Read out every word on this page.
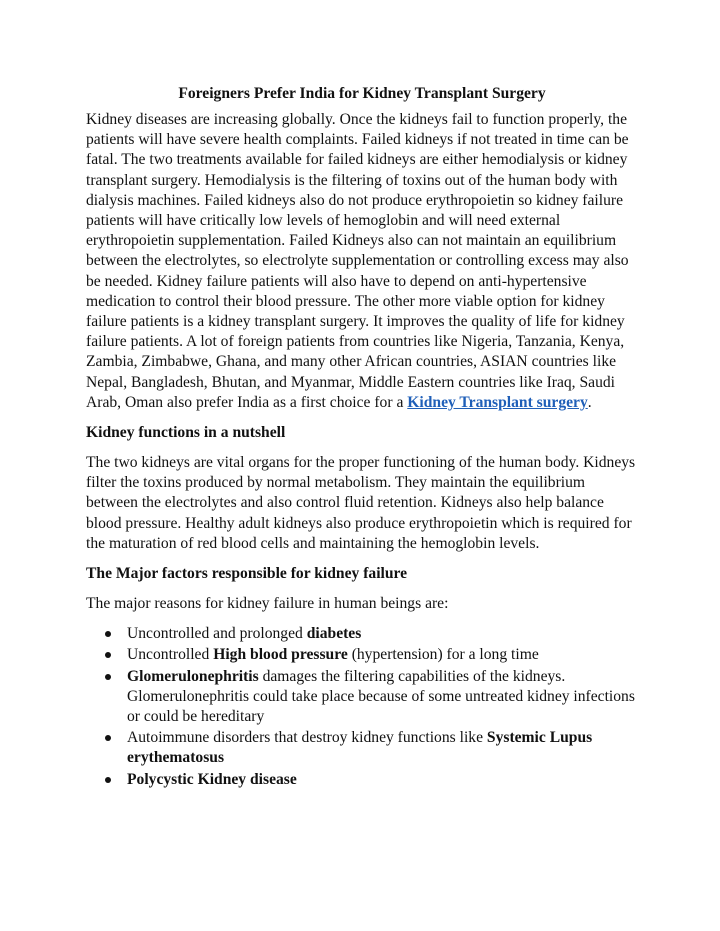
Foreigners Prefer India for Kidney Transplant Surgery

Kidney diseases are increasing globally. Once the kidneys fail to function properly, the patients will have severe health complaints. Failed kidneys if not treated in time can be fatal. The two treatments available for failed kidneys are either hemodialysis or kidney transplant surgery. Hemodialysis is the filtering of toxins out of the human body with dialysis machines. Failed kidneys also do not produce erythropoietin so kidney failure patients will have critically low levels of hemoglobin and will need external erythropoietin supplementation. Failed Kidneys also can not maintain an equilibrium between the electrolytes, so electrolyte supplementation or controlling excess may also be needed. Kidney failure patients will also have to depend on anti-hypertensive medication to control their blood pressure. The other more viable option for kidney failure patients is a kidney transplant surgery. It improves the quality of life for kidney failure patients. A lot of foreign patients from countries like Nigeria, Tanzania, Kenya, Zambia, Zimbabwe, Ghana, and many other African countries, ASIAN countries like Nepal, Bangladesh, Bhutan, and Myanmar, Middle Eastern countries like Iraq, Saudi Arab, Oman also prefer India as a first choice for a Kidney Transplant surgery.

Kidney functions in a nutshell

The two kidneys are vital organs for the proper functioning of the human body. Kidneys filter the toxins produced by normal metabolism. They maintain the equilibrium between the electrolytes and also control fluid retention. Kidneys also help balance blood pressure. Healthy adult kidneys also produce erythropoietin which is required for the maturation of red blood cells and maintaining the hemoglobin levels.

The Major factors responsible for kidney failure

The major reasons for kidney failure in human beings are:

Uncontrolled and prolonged diabetes
Uncontrolled High blood pressure (hypertension) for a long time
Glomerulonephritis damages the filtering capabilities of the kidneys. Glomerulonephritis could take place because of some untreated kidney infections or could be hereditary
Autoimmune disorders that destroy kidney functions like Systemic Lupus erythematosus
Polycystic Kidney disease
